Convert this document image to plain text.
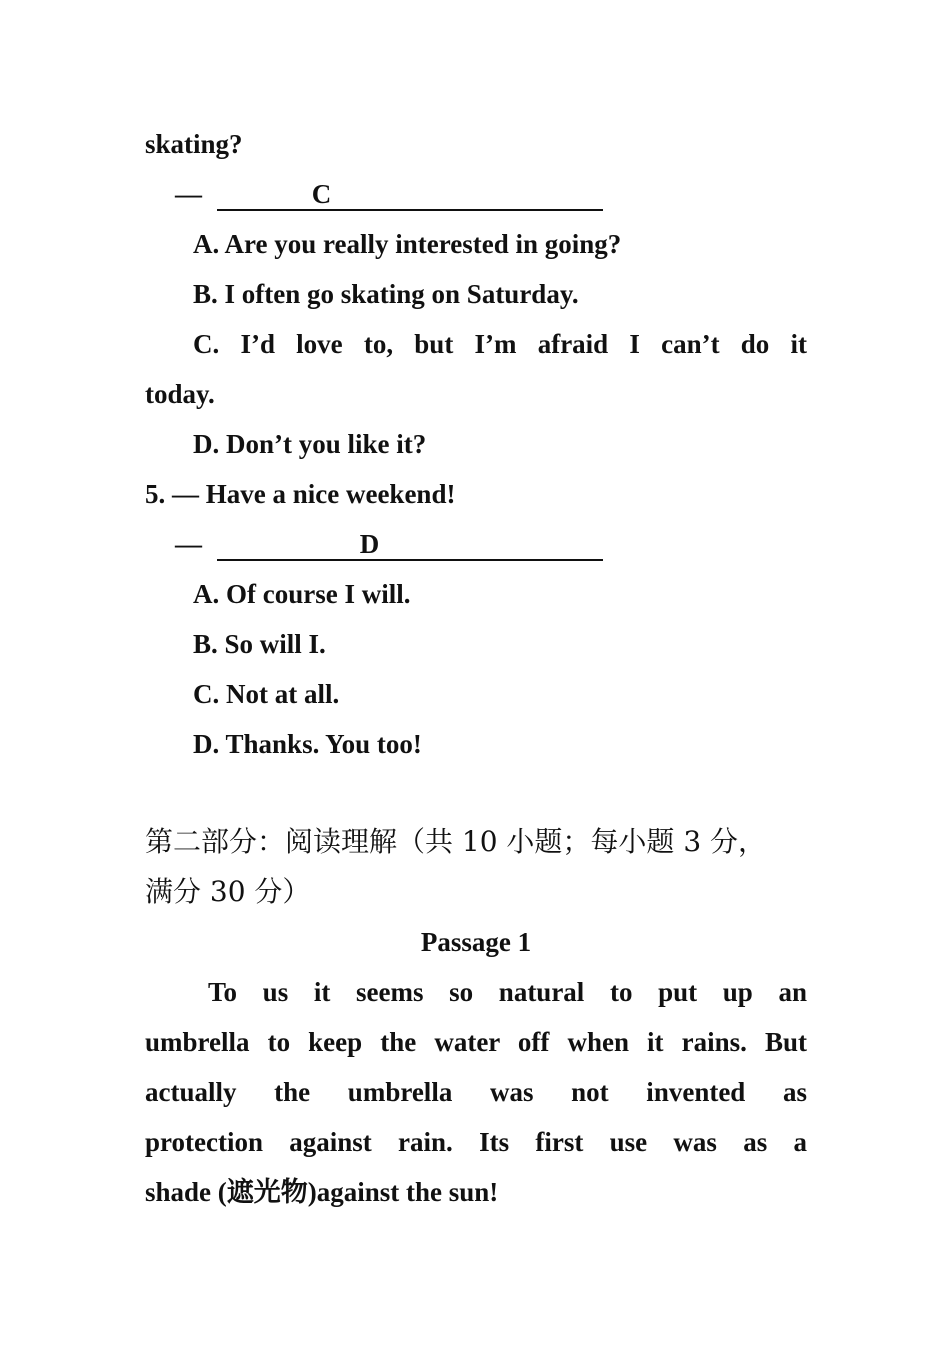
skating?
—	C
A. Are you really interested in going?
B. I often go skating on Saturday.
C. I’d love to, but I’m afraid I can’t do it
today.
D. Don’t you like it?
5. — Have a nice weekend!
—	D
A. Of course I will.
B. So will I.
C. Not at all.
D. Thanks. You too!
第二部分：阅读理解（共 10 小题；每小题 3 分，
满分 30 分）
Passage 1
To us it seems so natural to put up an
umbrella to keep the water off when it rains. But
actually the umbrella was not invented as
protection against rain. Its first use was as a
shade (遮光物)against the sun!
